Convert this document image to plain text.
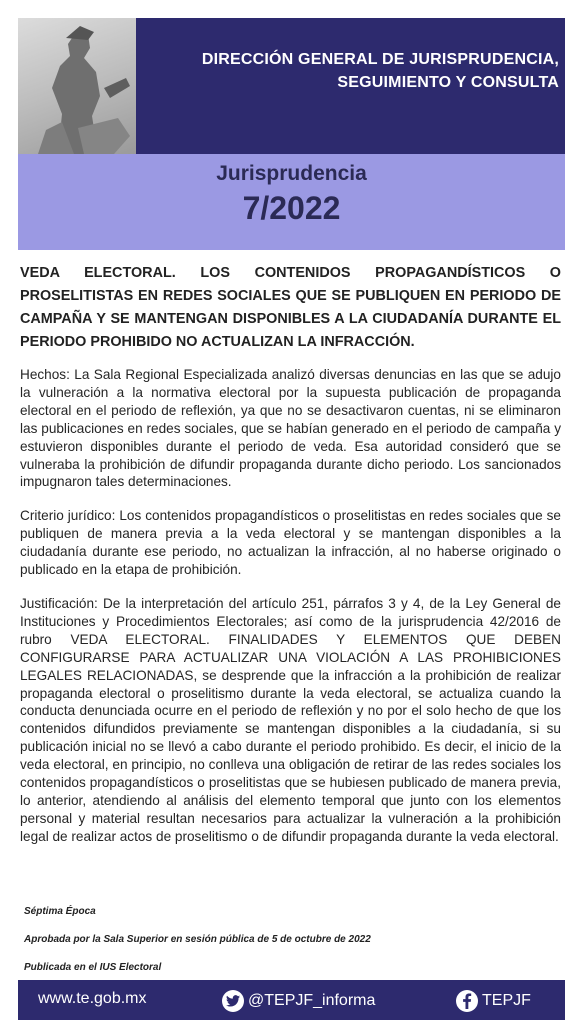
DIRECCIÓN GENERAL DE JURISPRUDENCIA,
SEGUIMIENTO Y CONSULTA
Jurisprudencia
7/2022

VEDA ELECTORAL. LOS CONTENIDOS PROPAGANDÍSTICOS O PROSELITISTAS EN REDES SOCIALES QUE SE PUBLIQUEN EN PERIODO DE CAMPAÑA Y SE MANTENGAN DISPONIBLES A LA CIUDADANÍA DURANTE EL PERIODO PROHIBIDO NO ACTUALIZAN LA INFRACCIÓN.

Hechos: La Sala Regional Especializada analizó diversas denuncias en las que se adujo la vulneración a la normativa electoral por la supuesta publicación de propaganda electoral en el periodo de reflexión, ya que no se desactivaron cuentas, ni se eliminaron las publicaciones en redes sociales, que se habían generado en el periodo de campaña y estuvieron disponibles durante el periodo de veda. Esa autoridad consideró que se vulneraba la prohibición de difundir propaganda durante dicho periodo. Los sancionados impugnaron tales determinaciones.

Criterio jurídico: Los contenidos propagandísticos o proselitistas en redes sociales que se publiquen de manera previa a la veda electoral y se mantengan disponibles a la ciudadanía durante ese periodo, no actualizan la infracción, al no haberse originado o publicado en la etapa de prohibición.

Justificación: De la interpretación del artículo 251, párrafos 3 y 4, de la Ley General de Instituciones y Procedimientos Electorales; así como de la jurisprudencia 42/2016 de rubro VEDA ELECTORAL. FINALIDADES Y ELEMENTOS QUE DEBEN CONFIGURARSE PARA ACTUALIZAR UNA VIOLACIÓN A LAS PROHIBICIONES LEGALES RELACIONADAS, se desprende que la infracción a la prohibición de realizar propaganda electoral o proselitismo durante la veda electoral, se actualiza cuando la conducta denunciada ocurre en el periodo de reflexión y no por el solo hecho de que los contenidos difundidos previamente se mantengan disponibles a la ciudadanía, si su publicación inicial no se llevó a cabo durante el periodo prohibido. Es decir, el inicio de la veda electoral, en principio, no conlleva una obligación de retirar de las redes sociales los contenidos propagandísticos o proselitistas que se hubiesen publicado de manera previa, lo anterior, atendiendo al análisis del elemento temporal que junto con los elementos personal y material resultan necesarios para actualizar la vulneración a la prohibición legal de realizar actos de proselitismo o de difundir propaganda durante la veda electoral.

Séptima Época
Aprobada por la Sala Superior en sesión pública de 5 de octubre de 2022
Publicada en el IUS Electoral
www.te.gob.mx	@TEPJF_informa	TEPJF
